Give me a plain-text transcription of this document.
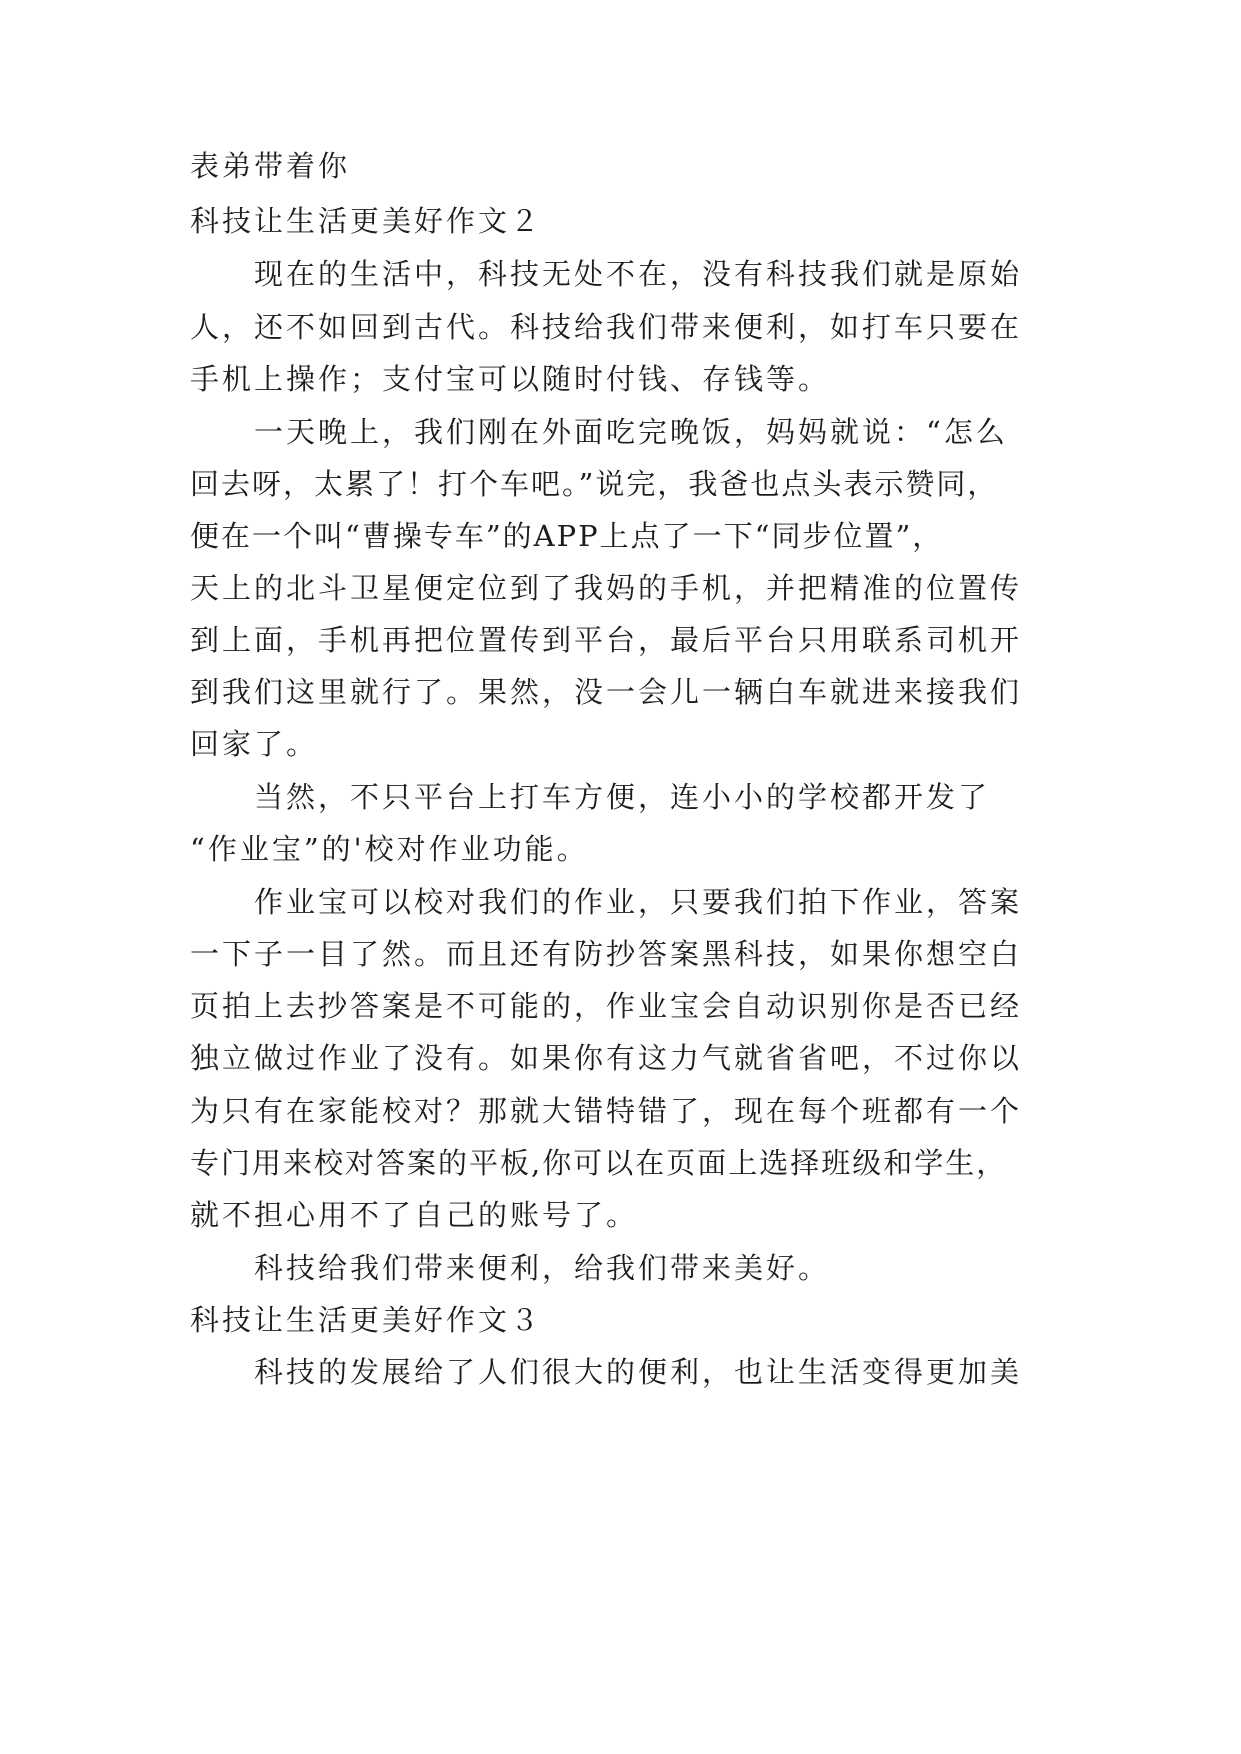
表弟带着你
科技让生活更美好作文２
现在的生活中，科技无处不在，没有科技我们就是原始
人，还不如回到古代。科技给我们带来便利，如打车只要在
手机上操作；支付宝可以随时付钱、存钱等。
一天晚上，我们刚在外面吃完晚饭，妈妈就说：“怎么
回去呀，太累了！打个车吧。”说完，我爸也点头表示赞同，
便在一个叫“曹操专车”的APP上点了一下“同步位置”，
天上的北斗卫星便定位到了我妈的手机，并把精准的位置传
到上面，手机再把位置传到平台，最后平台只用联系司机开
到我们这里就行了。果然，没一会儿一辆白车就进来接我们
回家了。
当然，不只平台上打车方便，连小小的学校都开发了
“作业宝”的'校对作业功能。
作业宝可以校对我们的作业，只要我们拍下作业，答案
一下子一目了然。而且还有防抄答案黑科技，如果你想空白
页拍上去抄答案是不可能的，作业宝会自动识别你是否已经
独立做过作业了没有。如果你有这力气就省省吧，不过你以
为只有在家能校对？那就大错特错了，现在每个班都有一个
专门用来校对答案的平板,你可以在页面上选择班级和学生，
就不担心用不了自己的账号了。
科技给我们带来便利，给我们带来美好。
科技让生活更美好作文３
科技的发展给了人们很大的便利，也让生活变得更加美
